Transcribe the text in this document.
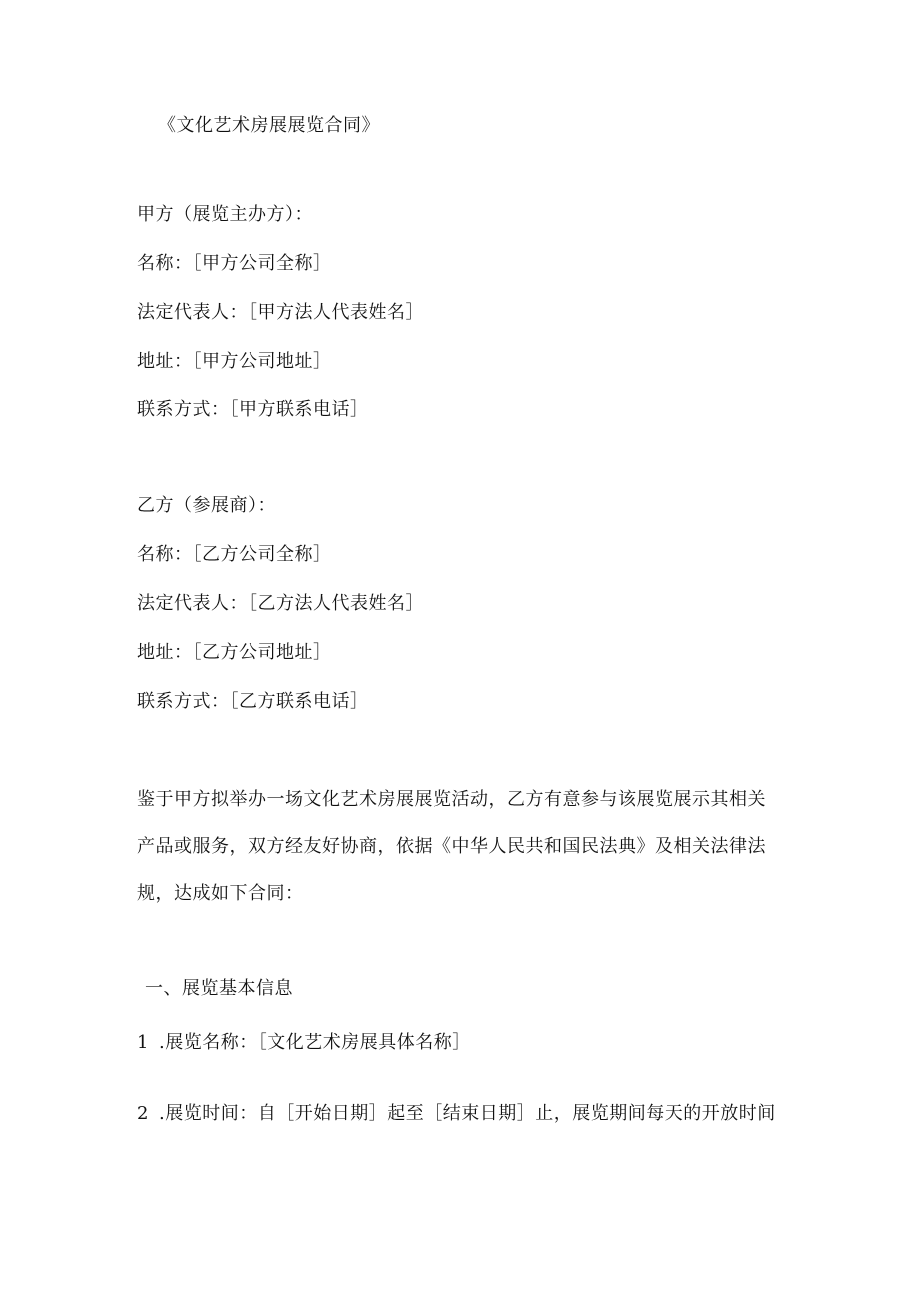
《文化艺术房展展览合同》
甲方（展览主办方）：
名称：［甲方公司全称］
法定代表人：［甲方法人代表姓名］
地址：［甲方公司地址］
联系方式：［甲方联系电话］
乙方（参展商）：
名称：［乙方公司全称］
法定代表人：［乙方法人代表姓名］
地址：［乙方公司地址］
联系方式：［乙方联系电话］

鉴于甲方拟举办一场文化艺术房展展览活动，乙方有意参与该展览展示其相关

产品或服务，双方经友好协商，依据《中华人民共和国民法典》及相关法律法

规，达成如下合同：

一、展览基本信息
1 .展览名称：［文化艺术房展具体名称］
2 .展览时间：自［开始日期］起至［结束日期］止，展览期间每天的开放时间
